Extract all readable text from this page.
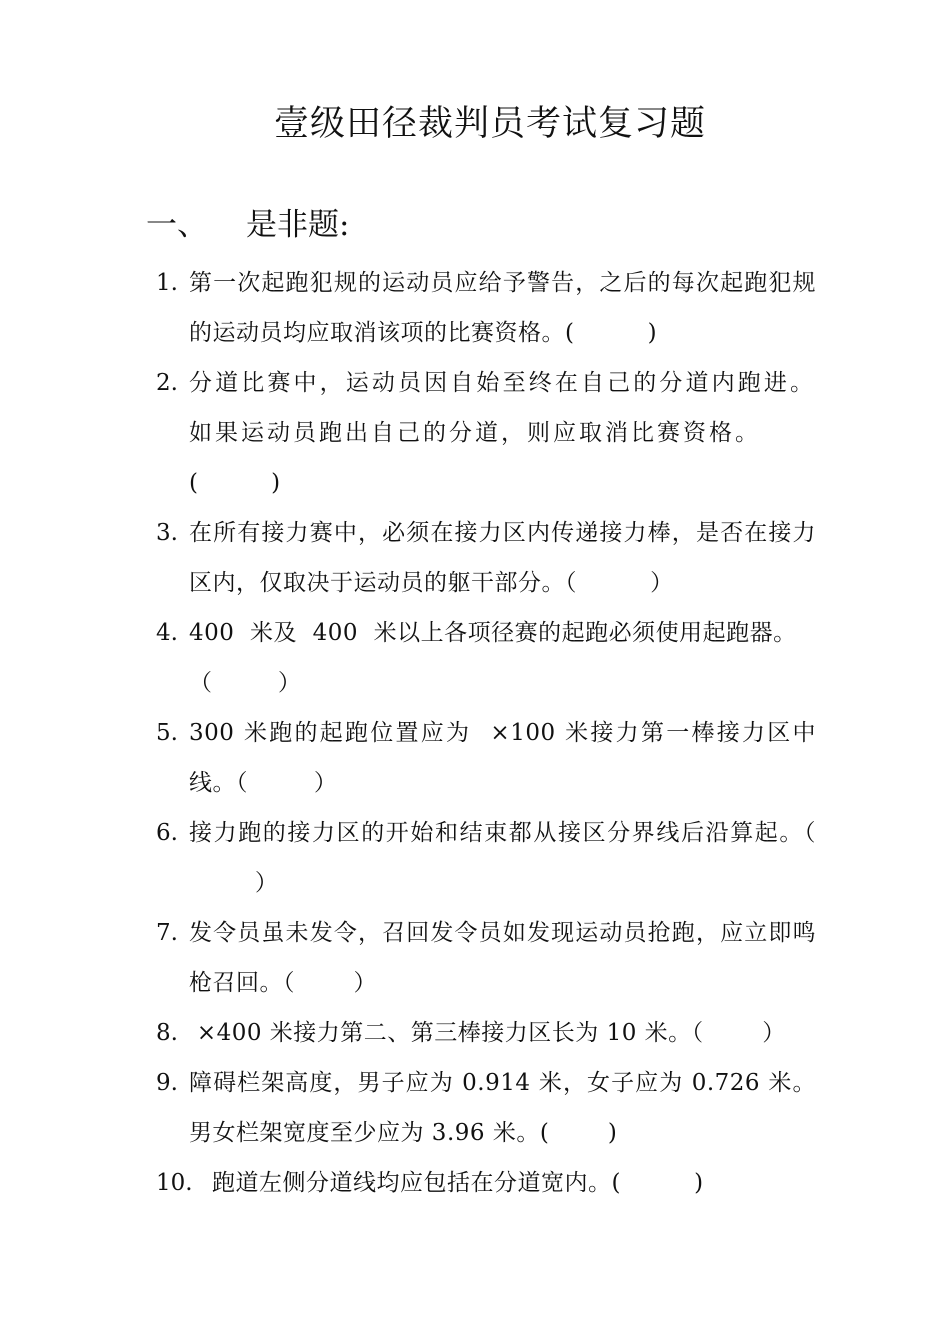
壹级田径裁判员考试复习题
一、 是非题:
1. 第一次起跑犯规的运动员应给予警告，之后的每次起跑犯规的运动员均应取消该项的比赛资格。(	)
2. 分道比赛中，运动员因自始至终在自己的分道内跑进。如果运动员跑出自己的分道，则应取消比赛资格。
(	)
3. 在所有接力赛中，必须在接力区内传递接力棒，是否在接力区内，仅取决于运动员的躯干部分。（	）
4. 400  米及  400  米以上各项径赛的起跑必须使用起跑器。
（	）
5. 300 米跑的起跑位置应为  ×100 米接力第一棒接力区中线。（	）
6. 接力跑的接力区的开始和结束都从接区分界线后沿算起。（         ）
7. 发令员虽未发令，召回发令员如发现运动员抢跑，应立即鸣枪召回。（	）
8. ×400 米接力第二、第三棒接力区长为 10 米。（	）
9. 障碍栏架高度，男子应为 0.914 米，女子应为 0.726 米。男女栏架宽度至少应为 3.96 米。(	)
10. 跑道左侧分道线均应包括在分道宽内。(	)
